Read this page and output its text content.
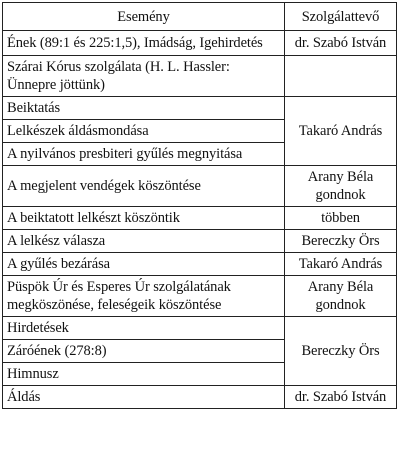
Esemény	Szolgálattevő
Ének (89:1 és 225:1,5), Imádság, Igehirdetés	dr. Szabó István
Szárai Kórus szolgálata (H. L. Hassler: Ünnepre jöttünk)	
Beiktatás	Takaró András
Lelkészek áldásmondása	
A nyilvános presbiteri gyűlés megnyitása	
A megjelent vendégek köszöntése	Arany Béla
gondnok

A beiktatott lelkészt köszöntik	többen
A lelkész válasza	Bereczky Örs
A gyűlés bezárása	Takaró András

Püspök Úr és Esperes Úr szolgálatának
megköszönése, feleségeik köszöntése	Arany Béla
gondnok

Hirdetések	Bereczky Örs
Záróének (278:8)	
Himnusz	
Áldás	dr. Szabó István
